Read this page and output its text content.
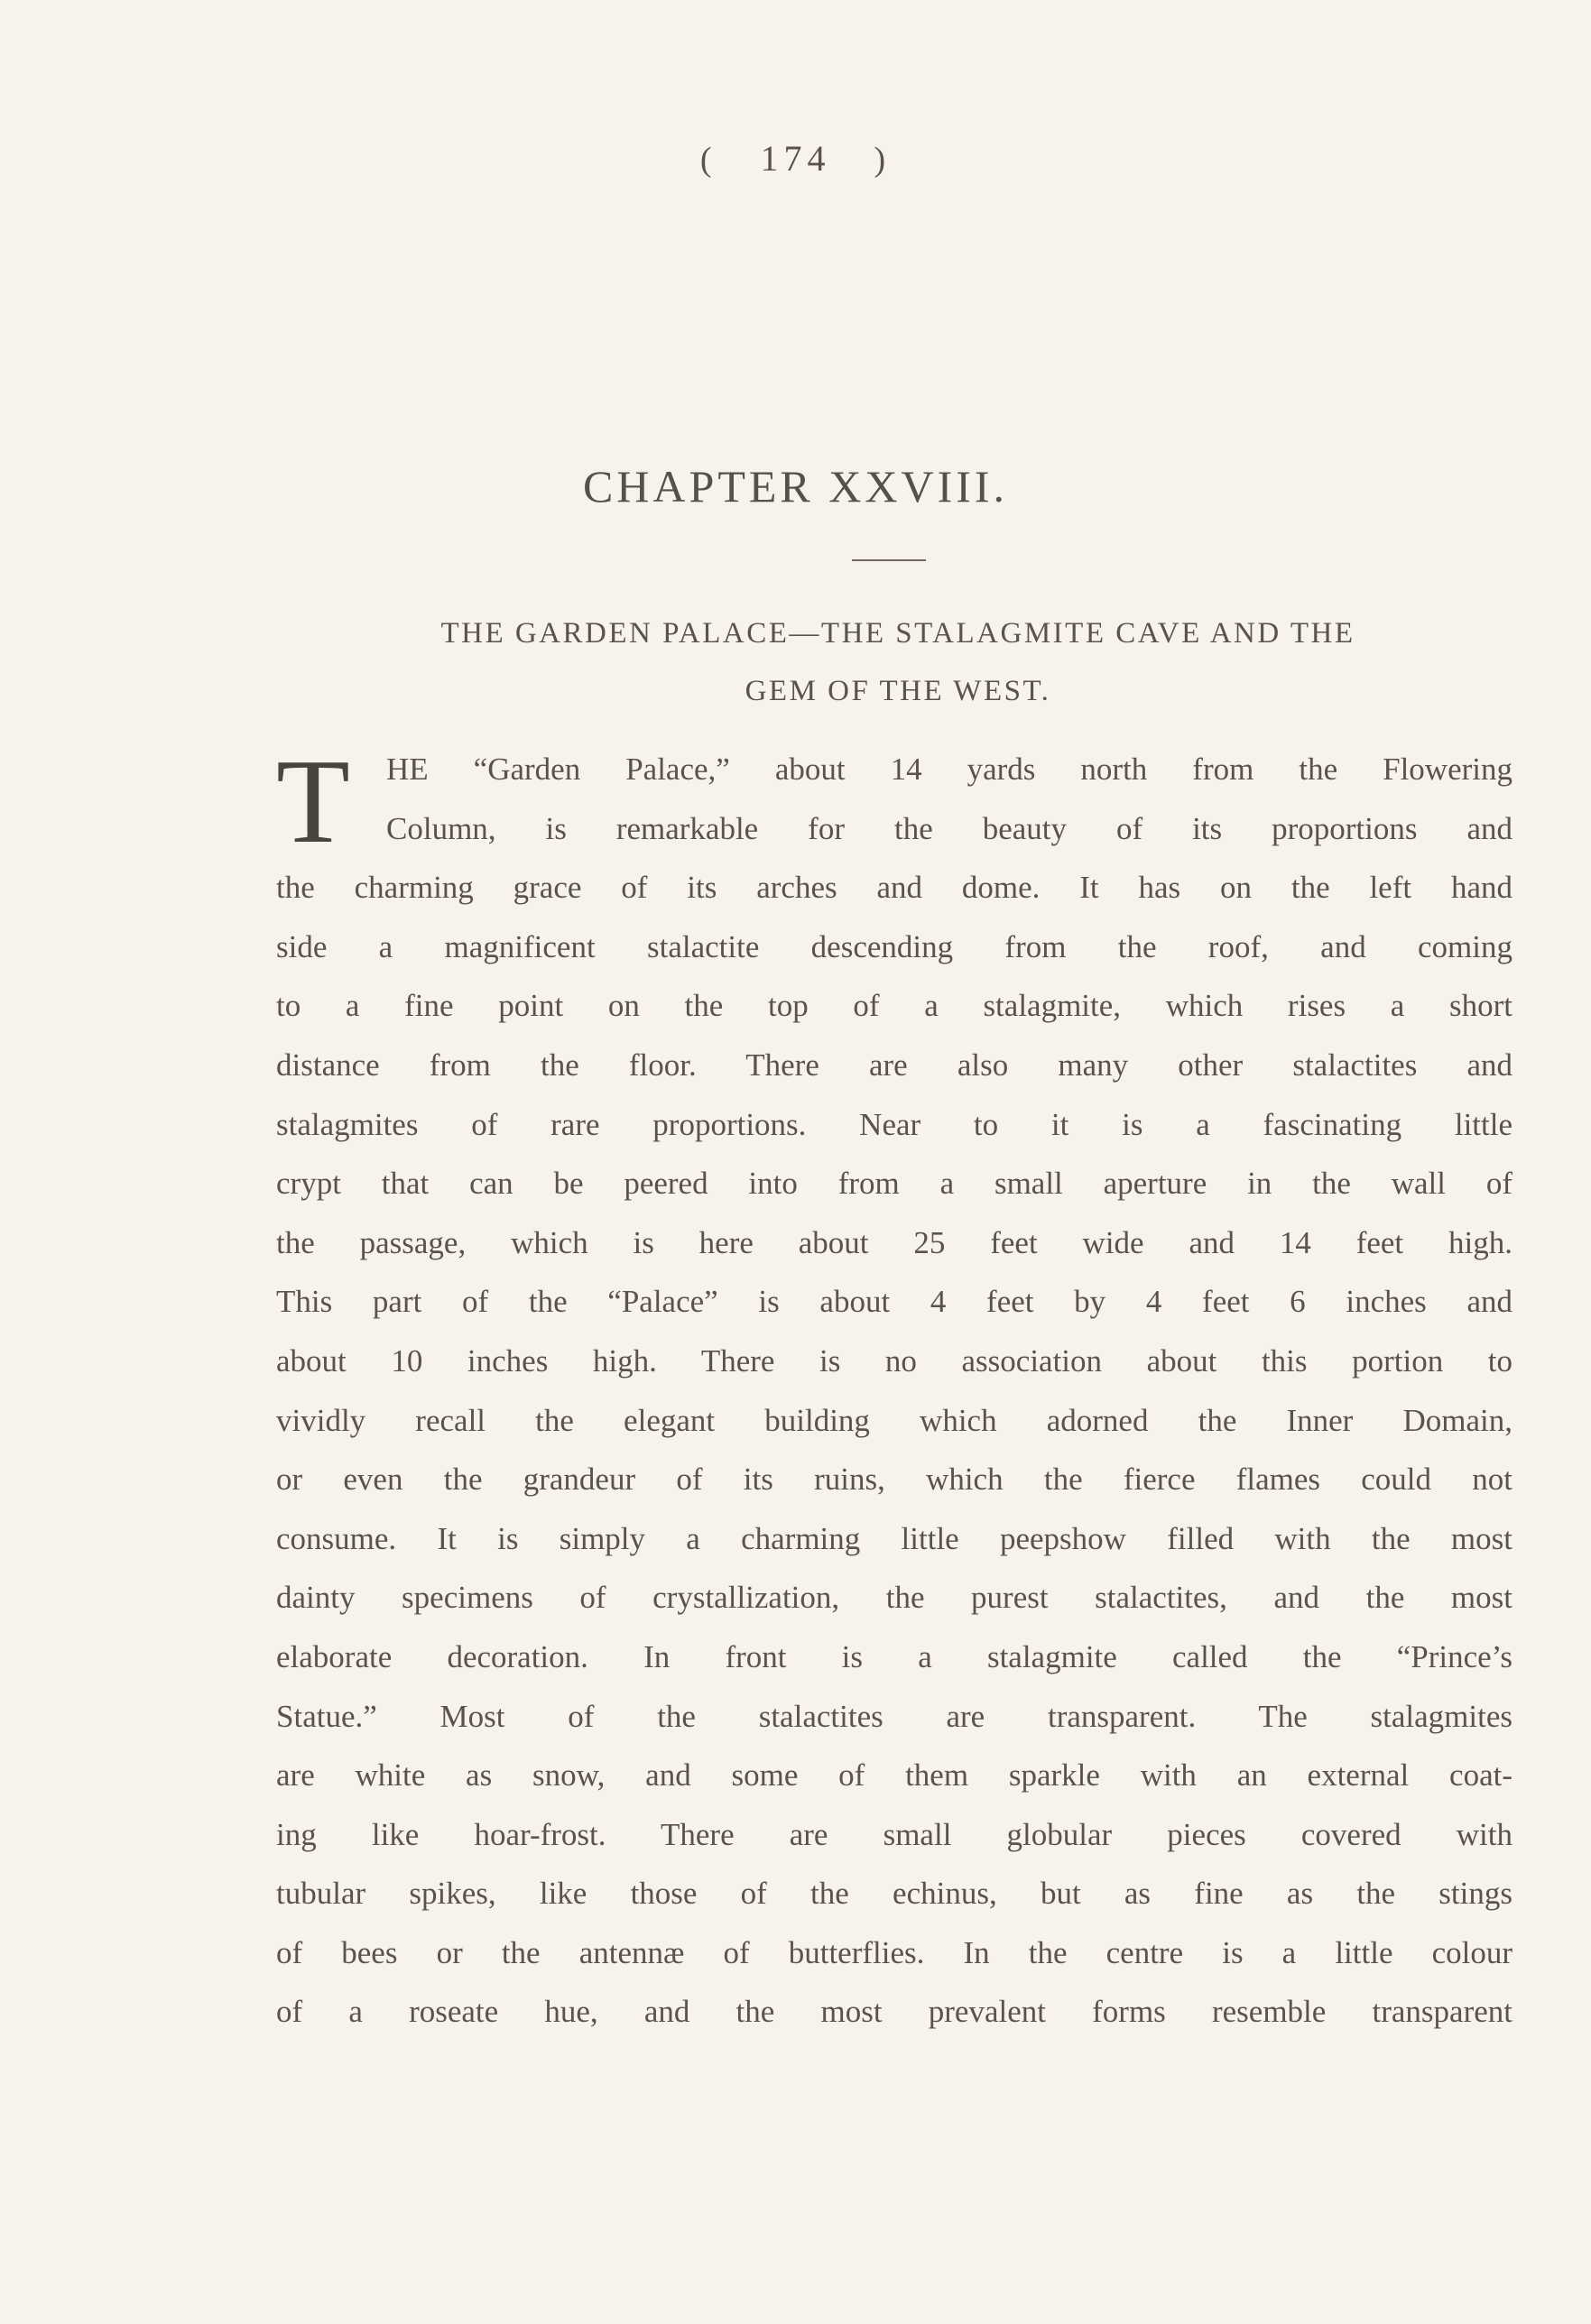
( 174 )
CHAPTER XXVIII.
THE GARDEN PALACE—THE STALAGMITE CAVE AND THE
GEM OF THE WEST.
T	HE “Garden Palace,” about 14 yards north from the Flowering
Column, is remarkable for the beauty of its proportions and
the charming grace of its arches and dome. It has on the left hand
side a magnificent stalactite descending from the roof, and coming
to a fine point on the top of a stalagmite, which rises a short
distance from the floor. There are also many other stalactites and
stalagmites of rare proportions. Near to it is a fascinating little
crypt that can be peered into from a small aperture in the wall of
the passage, which is here about 25 feet wide and 14 feet high.
This part of the “Palace” is about 4 feet by 4 feet 6 inches and
about 10 inches high. There is no association about this portion to
vividly recall the elegant building which adorned the Inner Domain,
or even the grandeur of its ruins, which the fierce flames could not
consume. It is simply a charming little peepshow filled with the most
dainty specimens of crystallization, the purest stalactites, and the most
elaborate decoration. In front is a stalagmite called the “Prince’s
Statue.” Most of the stalactites are transparent. The stalagmites
are white as snow, and some of them sparkle with an external coat-
ing like hoar-frost. There are small globular pieces covered with
tubular spikes, like those of the echinus, but as fine as the stings
of bees or the antennæ of butterflies. In the centre is a little colour
of a roseate hue, and the most prevalent forms resemble transparent
